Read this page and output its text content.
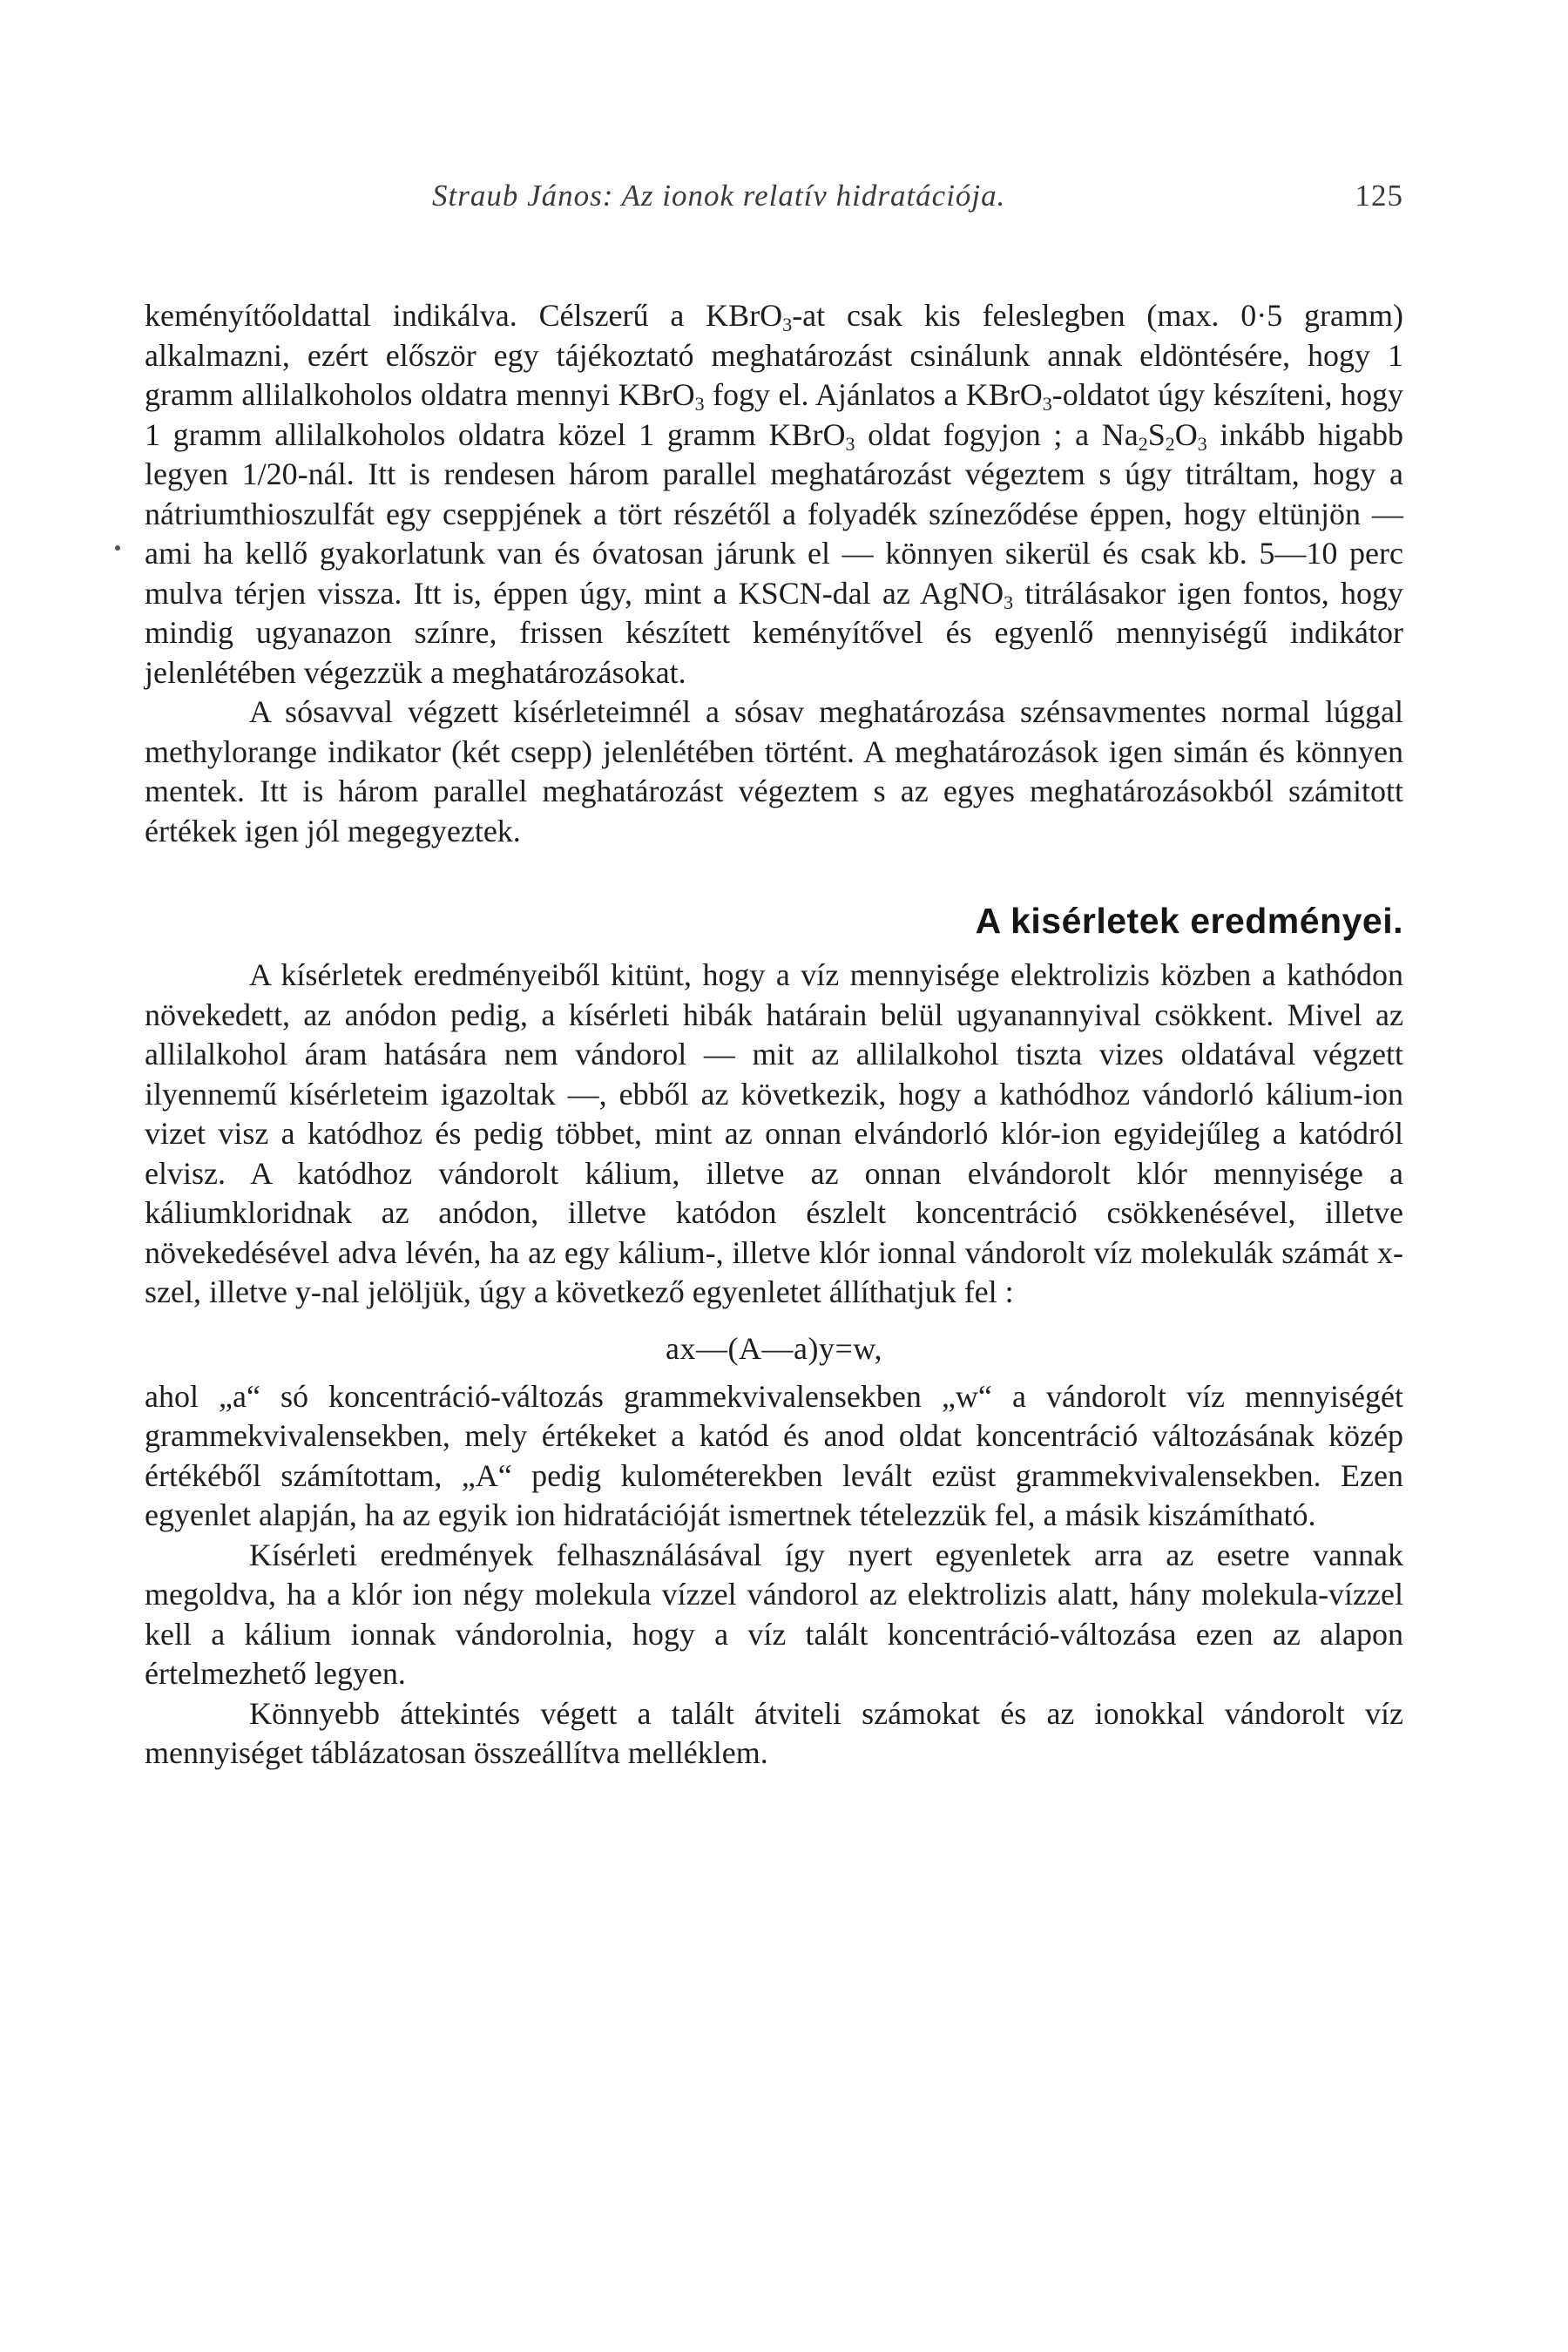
Straub János: Az ionok relatív hidratációja.	125

keményítőoldattal indikálva. Célszerű a KBrO$_3$-at csak kis feleslegben (max. 0·5 gramm) alkalmazni, ezért először egy tájékoztató meghatározást csinálunk annak eldöntésére, hogy 1 gramm allilalkoholos oldatra mennyi KBrO$_3$ fogy el. Ajánlatos a KBrO$_3$-oldatot úgy készíteni, hogy 1 gramm allilalkoholos oldatra közel 1 gramm KBrO$_3$ oldat fogyjon ; a $Na_2S_2O_3$ inkább higabb legyen 1/20-nál. Itt is rendesen három parallel meghatározást végeztem s úgy titráltam, hogy a nátriumthioszulfát egy cseppjének a tört részétől a folyadék színeződése éppen, hogy eltünjön — ami ha kellő gyakorlatunk van és óvatosan járunk el — könnyen sikerül és csak kb. 5—10 perc mulva térjen vissza. Itt is, éppen úgy, mint a KSCN-dal az AgNO$_3$ titrálásakor igen fontos, hogy mindig ugyanazon színre, frissen készített keményítővel és egyenlő mennyiségű indikátor jelenlétében végezzük a meghatározásokat.

A sósavval végzett kísérleteimnél a sósav meghatározása szénsavmentes normal lúggal methylorange indikator (két csepp) jelenlétében történt. A meghatározások igen simán és könnyen mentek. Itt is három parallel meghatározást végeztem s az egyes meghatározásokból számitott értékek igen jól megegyeztek.

A kisérletek eredményei.

A kísérletek eredményeiből kitünt, hogy a víz mennyisége elektrolizis közben a kathódon növekedett, az anódon pedig, a kísérleti hibák határain belül ugyanannyival csökkent. Mivel az allilalkohol áram hatására nem vándorol — mit az allilalkohol tiszta vizes oldatával végzett ilyennemű kísérleteim igazoltak —, ebből az következik, hogy a kathódhoz vándorló kálium-ion vizet visz a katódhoz és pedig többet, mint az onnan elvándorló klór-ion egyidejűleg a katódról elvisz. A katódhoz vándorolt kálium, illetve az onnan elvándorolt klór mennyisége a káliumkloridnak az anódon, illetve katódon észlelt koncentráció csökkenésével, illetve növekedésével adva lévén, ha az egy kálium-, illetve klór ionnal vándorolt víz molekulák számát x-szel, illetve y-nal jelöljük, úgy a következő egyenletet állíthatjuk fel :

ax—(A—a)y=w,

ahol „a“ só koncentráció-változás grammekvivalensekben „w“ a vándorolt víz mennyiségét grammekvivalensekben, mely értékeket a katód és anod oldat koncentráció változásának közép értékéből számítottam, „A“ pedig kulométerekben levált ezüst grammekvivalensekben. Ezen egyenlet alapján, ha az egyik ion hidratációját ismertnek tételezzük fel, a másik kiszámítható.

Kísérleti eredmények felhasználásával így nyert egyenletek arra az esetre vannak megoldva, ha a klór ion négy molekula vízzel vándorol az elektrolizis alatt, hány molekula-vízzel kell a kálium ionnak vándorolnia, hogy a víz talált koncentráció-változása ezen az alapon értelmezhető legyen.

Könnyebb áttekintés végett a talált átviteli számokat és az ionokkal vándorolt víz mennyiséget táblázatosan összeállítva melléklem.
